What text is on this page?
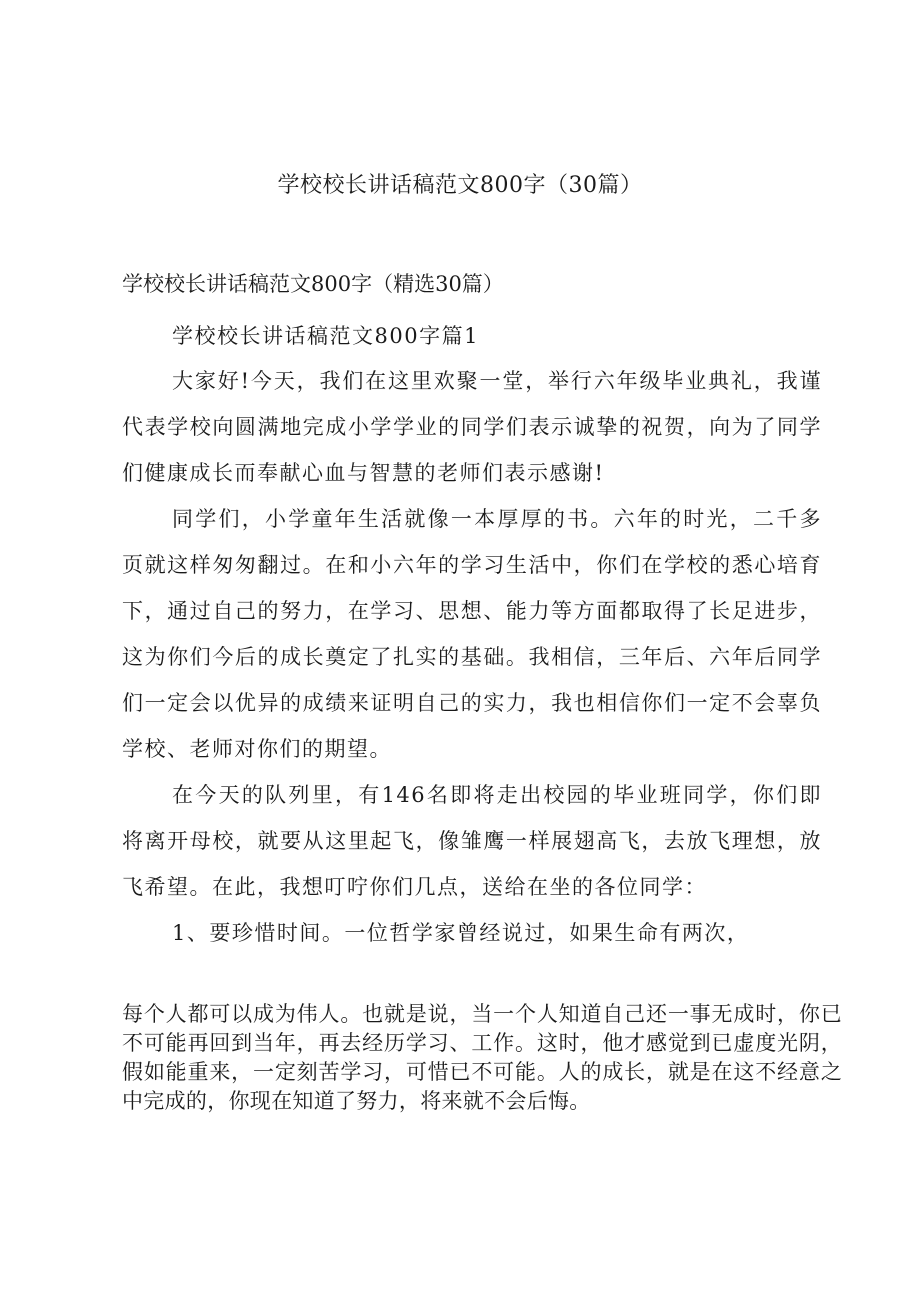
学校校长讲话稿范文800字（30篇）
学校校长讲话稿范文800字（精选30篇）

学校校长讲话稿范文800字篇1

大家好!今天，我们在这里欢聚一堂，举行六年级毕业典礼，我谨代表学校向圆满地完成小学学业的同学们表示诚挚的祝贺，向为了同学们健康成长而奉献心血与智慧的老师们表示感谢!

同学们，小学童年生活就像一本厚厚的书。六年的时光，二千多页就这样匆匆翻过。在和小六年的学习生活中，你们在学校的悉心培育下，通过自己的努力，在学习、思想、能力等方面都取得了长足进步，这为你们今后的成长奠定了扎实的基础。我相信，三年后、六年后同学们一定会以优异的成绩来证明自己的实力，我也相信你们一定不会辜负学校、老师对你们的期望。

在今天的队列里，有146名即将走出校园的毕业班同学，你们即将离开母校，就要从这里起飞，像雏鹰一样展翅高飞，去放飞理想，放飞希望。在此，我想叮咛你们几点，送给在坐的各位同学：

1、要珍惜时间。一位哲学家曾经说过，如果生命有两次，

每个人都可以成为伟人。也就是说，当一个人知道自己还一事无成时，你已不可能再回到当年，再去经历学习、工作。这时，他才感觉到已虚度光阴，假如能重来，一定刻苦学习，可惜已不可能。人的成长，就是在这不经意之中完成的，你现在知道了努力，将来就不会后悔。
